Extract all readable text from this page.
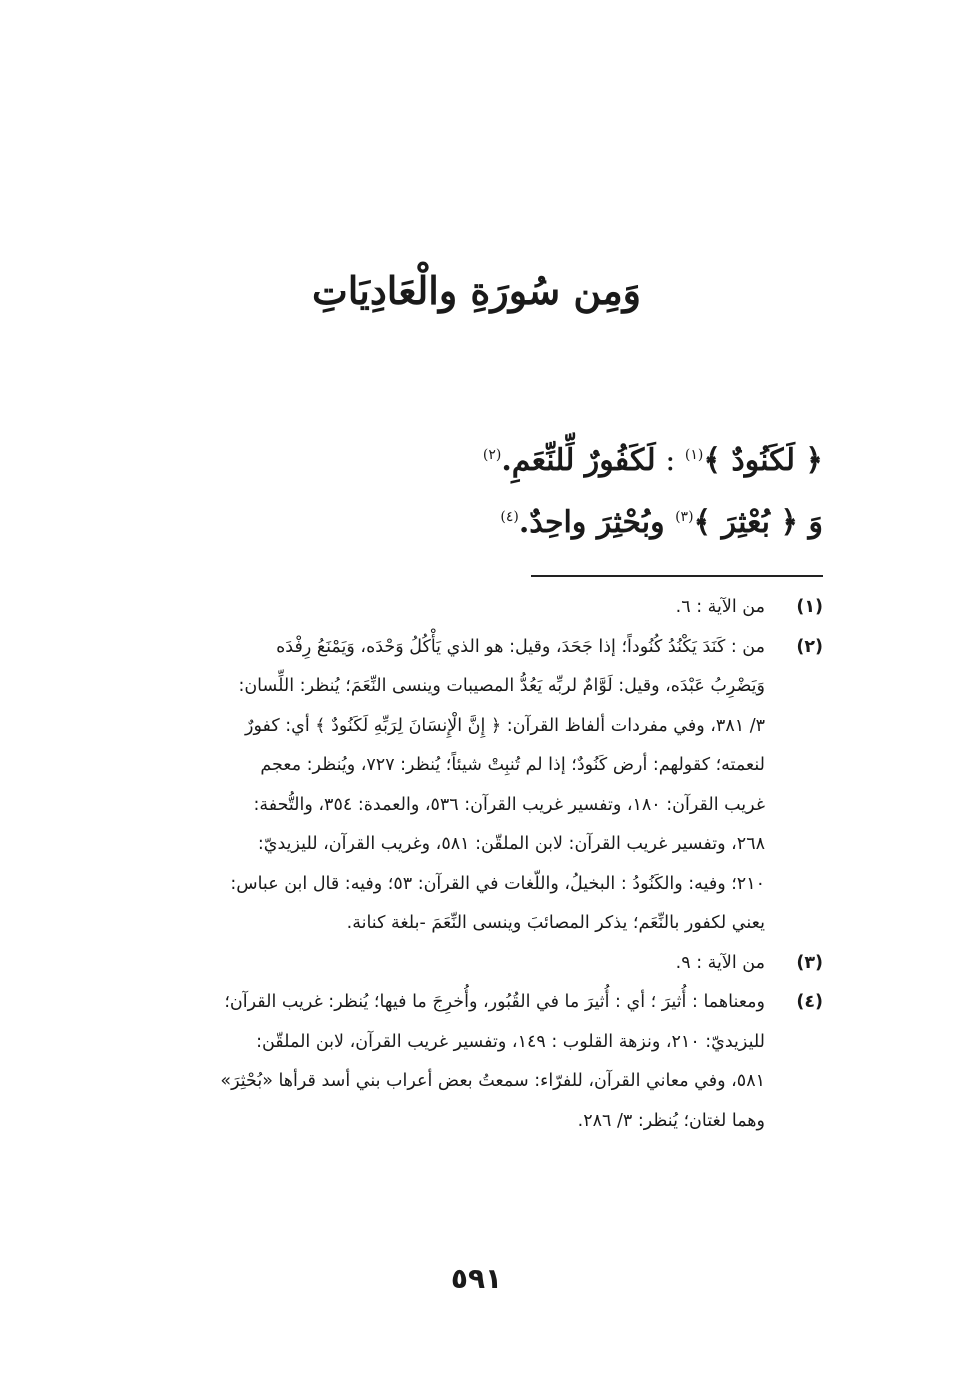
وَمِن سُورَةِ والْعَادِيَاتِ
﴿ لَكَنُودٌ ﴾$^{(١)}$ : لَكَفُورٌ لِّلنِّعَمِ.$^{(٢)}$
وَ ﴿ بُعْثِرَ ﴾$^{(٣)}$ وبُحْثِرَ واحِدٌ.$^{(٤)}$
(١)
من الآية : ٦.
(٢)
من : كَنَدَ يَكْنُدُ كُنُوداً؛ إذا جَحَدَ، وقيل: هو الذي يَأْكُلُ وَحْدَه، وَيَمْنَعُ رِفْدَه
وَيَضْرِبُ عَبْدَه، وقيل: لَوَّامٌ لربِّه يَعُدُّ المصيبات وينسى النِّعَمَ؛ يُنظر: اللِّسان:
٣/ ٣٨١، وفي مفردات ألفاظ القرآن: ﴿ إِنَّ الْإِنسَانَ لِرَبِّهِ لَكَنُودٌ ﴾ أي: كفورٌ
لنعمته؛ كقولهم: أرض كَنُودٌ؛ إذا لم تُنبِتْ شيئاً؛ يُنظر: ٧٢٧، ويُنظر: معجم
غريب القرآن: ١٨٠، وتفسير غريب القرآن: ٥٣٦، والعمدة: ٣٥٤، والتُّحفة:
٢٦٨، وتفسير غريب القرآن: لابن الملقّن: ٥٨١، وغريب القرآن، لليزيديّ:
٢١٠؛ وفيه: والكَنُودُ : البخيلُ، واللّغات في القرآن: ٥٣؛ وفيه: قال ابن عباس:
يعني لكفور بالنِّعَم؛ يذكر المصائبَ وينسى النِّعَمَ -بلغة كنانة.
(٣)
من الآية : ٩.
(٤)
ومعناهما : أُثيرَ ؛ أي : أُثيرَ ما في القُبُور، وأُخرِجَ ما فيها؛ يُنظر: غريب القرآن؛
لليزيديّ: ٢١٠، ونزهة القلوب : ١٤٩، وتفسير غريب القرآن، لابن الملقّن:
٥٨١، وفي معاني القرآن، للفرّاء: سمعتُ بعض أعراب بني أسد قرأها «بُحْثِرَ»
وهما لغتان؛ يُنظر: ٣/ ٢٨٦.
٥٩١
